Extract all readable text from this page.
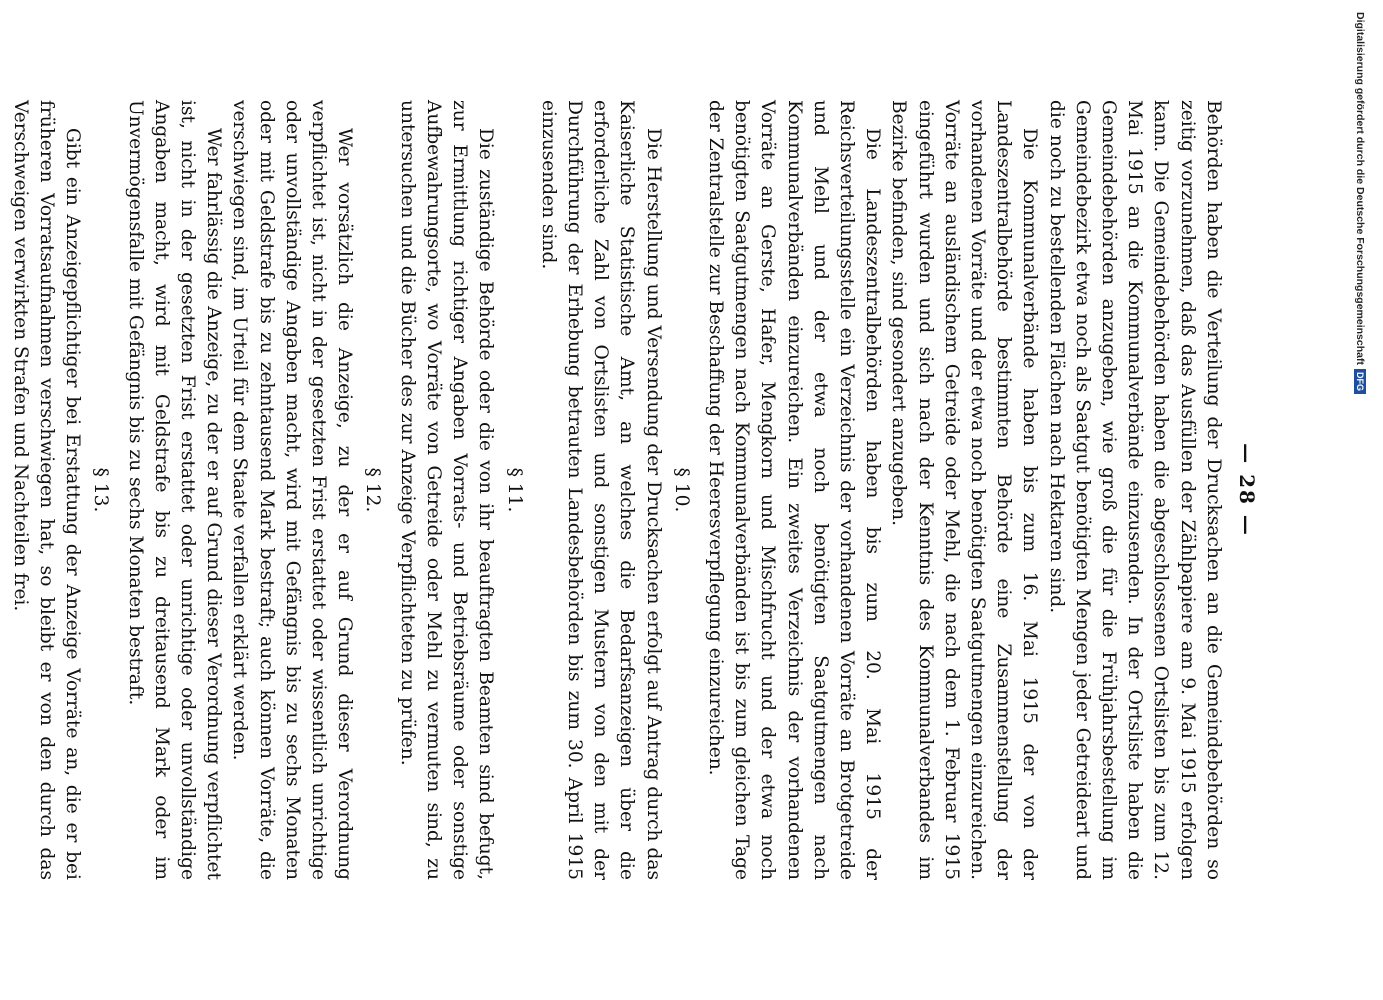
— 28 —

Behörden haben die Verteilung der Drucksachen an die Gemeindebehörden so zeitig vorzunehmen, daß das Ausfüllen der Zählpapiere am 9. Mai 1915 erfolgen kann. Die Gemeindebehörden haben die abgeschlossenen Ortslisten bis zum 12. Mai 1915 an die Kommunalverbände einzusenden. In der Ortsliste haben die Gemeindebehörden anzugeben, wie groß die für die Frühjahrsbestellung im Gemeindebezirk etwa noch als Saatgut benötigten Mengen jeder Getreideart und die noch zu bestellenden Flächen nach Hektaren sind.

Die Kommunalverbände haben bis zum 16. Mai 1915 der von der Landeszentralbehörde bestimmten Behörde eine Zusammenstellung der vorhandenen Vorräte und der etwa noch benötigten Saatgutmengen einzureichen. Vorräte an ausländischem Getreide oder Mehl, die nach dem 1. Februar 1915 eingeführt wurden und sich nach der Kenntnis des Kommunalverbandes im Bezirke befinden, sind gesondert anzugeben.

Die Landeszentralbehörden haben bis zum 20. Mai 1915 der Reichsverteilungsstelle ein Verzeichnis der vorhandenen Vorräte an Brotgetreide und Mehl und der etwa noch benötigten Saatgutmengen nach Kommunalverbänden einzureichen. Ein zweites Verzeichnis der vorhandenen Vorräte an Gerste, Hafer, Mengkorn und Mischfrucht und der etwa noch benötigten Saatgutmengen nach Kommunalverbänden ist bis zum gleichen Tage der Zentralstelle zur Beschaffung der Heeresverpflegung einzureichen.

§ 10.

Die Herstellung und Versendung der Drucksachen erfolgt auf Antrag durch das Kaiserliche Statistische Amt, an welches die Bedarfsanzeigen über die erforderliche Zahl von Ortslisten und sonstigen Mustern von den mit der Durchführung der Erhebung betrauten Landesbehörden bis zum 30. April 1915 einzusenden sind.

§ 11.

Die zuständige Behörde oder die von ihr beauftragten Beamten sind befugt, zur Ermittlung richtiger Angaben Vorrats- und Betriebsräume oder sonstige Aufbewahrungsorte, wo Vorräte von Getreide oder Mehl zu vermuten sind, zu untersuchen und die Bücher des zur Anzeige Verpflichteten zu prüfen.

§ 12.

Wer vorsätzlich die Anzeige, zu der er auf Grund dieser Verordnung verpflichtet ist, nicht in der gesetzten Frist erstattet oder wissentlich unrichtige oder unvollständige Angaben macht, wird mit Gefängnis bis zu sechs Monaten oder mit Geldstrafe bis zu zehntausend Mark bestraft; auch können Vorräte, die verschwiegen sind, im Urteil für dem Staate verfallen erklärt werden.

Wer fahrlässig die Anzeige, zu der er auf Grund dieser Verordnung verpflichtet ist, nicht in der gesetzten Frist erstattet oder unrichtige oder unvollständige Angaben macht, wird mit Geldstrafe bis zu dreitausend Mark oder im Unvermögensfalle mit Gefängnis bis zu sechs Monaten bestraft.

§ 13.

Gibt ein Anzeigepflichtiger bei Erstattung der Anzeige Vorräte an, die er bei früheren Vorratsaufnahmen verschwiegen hat, so bleibt er von den durch das Verschweigen verwirkten Strafen und Nachteilen frei.	Digitalisierung gefördert durch die Deutsche Forschungsgemeinschaft
DFG
